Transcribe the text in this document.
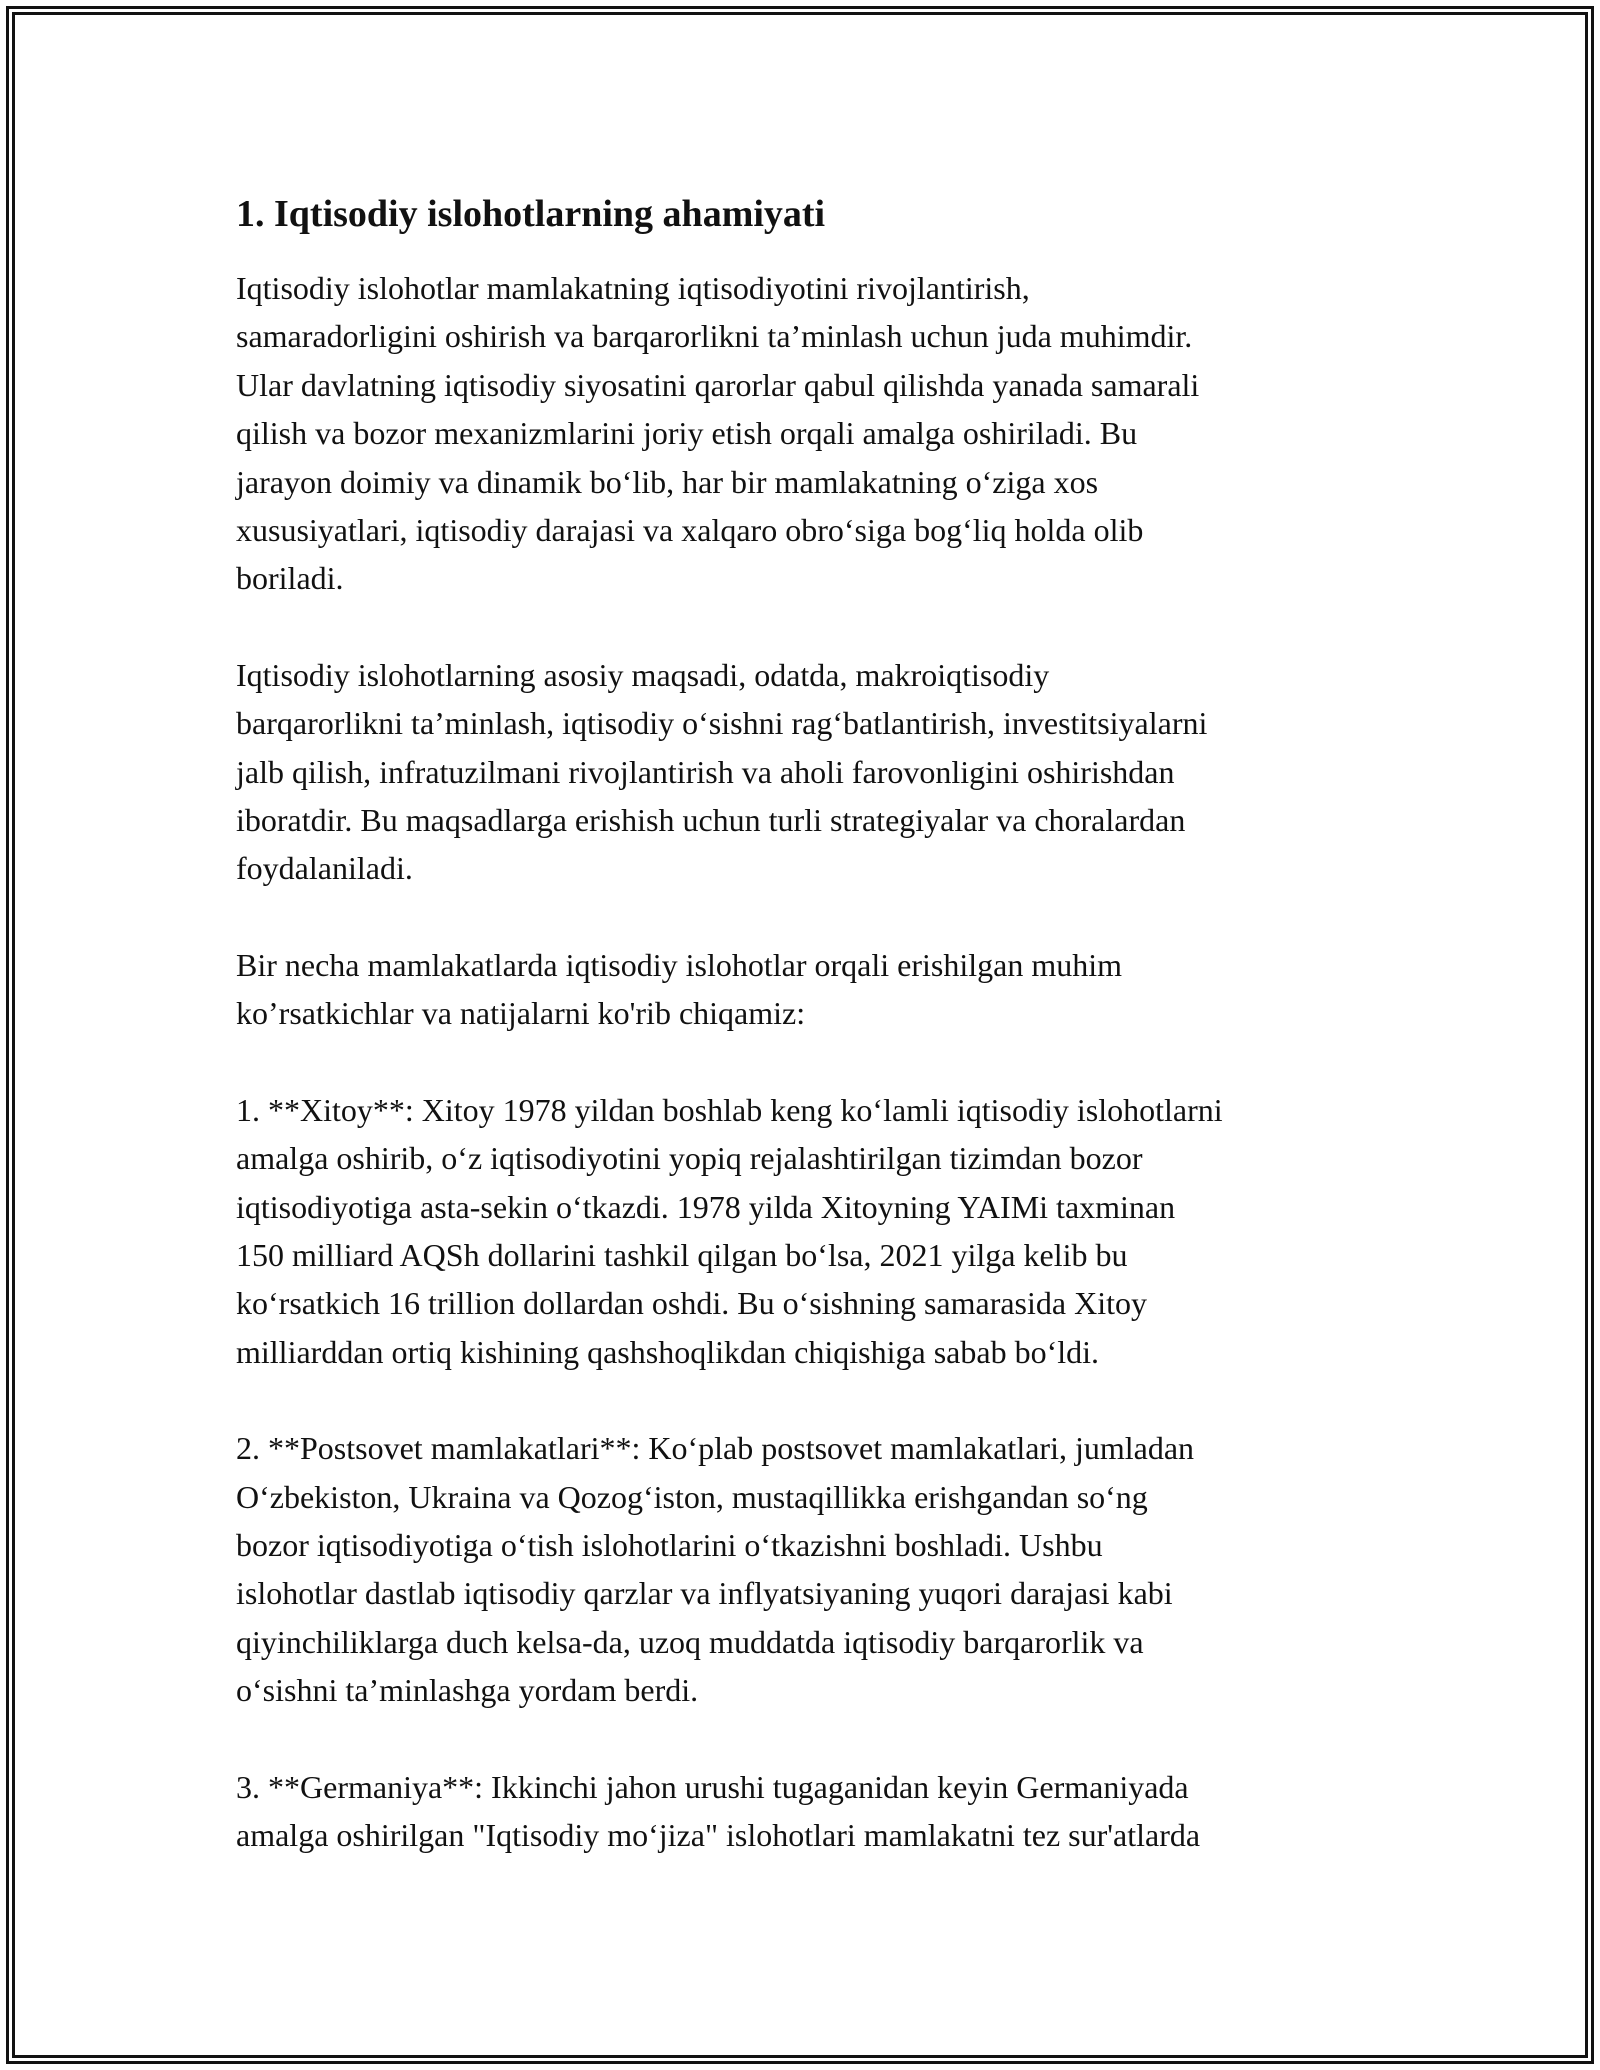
1. Iqtisodiy islohotlarning ahamiyati
Iqtisodiy islohotlar mamlakatning iqtisodiyotini rivojlantirish,
samaradorligini oshirish va barqarorlikni ta’minlash uchun juda muhimdir.
Ular davlatning iqtisodiy siyosatini qarorlar qabul qilishda yanada samarali
qilish va bozor mexanizmlarini joriy etish orqali amalga oshiriladi. Bu
jarayon doimiy va dinamik boʻlib, har bir mamlakatning oʻziga xos
xususiyatlari, iqtisodiy darajasi va xalqaro obroʻsiga bogʻliq holda olib
boriladi.
Iqtisodiy islohotlarning asosiy maqsadi, odatda, makroiqtisodiy
barqarorlikni ta’minlash, iqtisodiy oʻsishni ragʻbatlantirish, investitsiyalarni
jalb qilish, infratuzilmani rivojlantirish va aholi farovonligini oshirishdan
iboratdir. Bu maqsadlarga erishish uchun turli strategiyalar va choralardan
foydalaniladi.
Bir necha mamlakatlarda iqtisodiy islohotlar orqali erishilgan muhim
ko’rsatkichlar va natijalarni ko'rib chiqamiz:
1. **Xitoy**: Xitoy 1978 yildan boshlab keng koʻlamli iqtisodiy islohotlarni
amalga oshirib, oʻz iqtisodiyotini yopiq rejalashtirilgan tizimdan bozor
iqtisodiyotiga asta-sekin oʻtkazdi. 1978 yilda Xitoyning YAIMi taxminan
150 milliard AQSh dollarini tashkil qilgan boʻlsa, 2021 yilga kelib bu
koʻrsatkich 16 trillion dollardan oshdi. Bu oʻsishning samarasida Xitoy
milliarddan ortiq kishining qashshoqlikdan chiqishiga sabab boʻldi.
2. **Postsovet mamlakatlari**: Koʻplab postsovet mamlakatlari, jumladan
Oʻzbekiston, Ukraina va Qozogʻiston, mustaqillikka erishgandan soʻng
bozor iqtisodiyotiga oʻtish islohotlarini oʻtkazishni boshladi. Ushbu
islohotlar dastlab iqtisodiy qarzlar va inflyatsiyaning yuqori darajasi kabi
qiyinchiliklarga duch kelsa-da, uzoq muddatda iqtisodiy barqarorlik va
oʻsishni ta’minlashga yordam berdi.
3. **Germaniya**: Ikkinchi jahon urushi tugaganidan keyin Germaniyada
amalga oshirilgan "Iqtisodiy moʻjiza" islohotlari mamlakatni tez sur'atlarda
